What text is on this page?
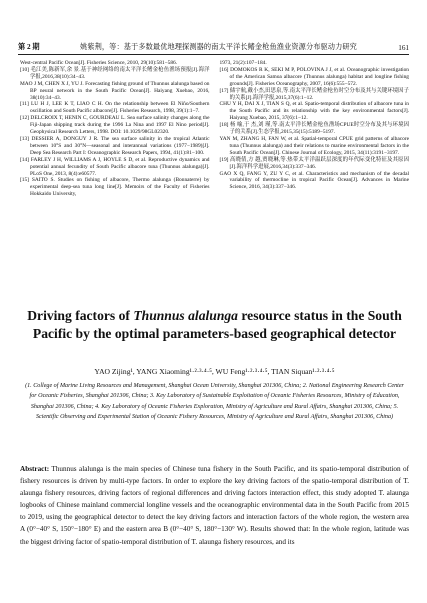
第 2 期	姚紫荆，等：基于多数最优地理探测器的南太平洋长鳍金枪鱼渔业资源分布驱动力研究	161

West-central Pacific Ocean[J]. Fisheries Science, 2010, 29(10):581−586.

[10] 毛江美,陈新军,余 景.基于神经网络的南太平洋长鳍金枪鱼渔场预报[J].海洋学报,2016,38(10):34−43.

MAO J M, CHEN X J, YU J. Forecasting fishing ground of Thunnus alalunga based on BP neural network in the South Pacific Ocean[J]. Haiyang Xuebao, 2016, 38(10):34−43.

[11] LU H J, LEE K T, LIAO C H. On the relationship between El Niño/Southern oscillation and South Pacific albacore[J]. Fisheries Research, 1998, 39(1):1−7.

[12] DELCROIX T, HENIN C, GOURDEAU L. Sea surface salinity changes along the Fiji-Japan shipping track during the 1996 La Nina and 1997 El Nino period[J]. Geophysical Research Letters, 1998. DOI: 10.1029/98GL02320.

[13] DESSIER A, DONGUY J R. The sea surface salinity in the tropical Atlantic between 10°S and 30°N—seasonal and interannual variations (1977−1989)[J]. Deep Sea Research Part I: Oceanographic Research Papers, 1994, 41(1):81−100.

[14] FARLEY J H, WILLIAMS A J, HOYLE S D, et al. Reproductive dynamics and potential annual fecundity of South Pacific albacore tuna (Thunnus alalunga)[J]. PLoS One, 2013, 8(4):e60577.

[15] SAITO S. Studies on fishing of albacore, Thermo alalunga (Bonnaterre) by experimental deep-sea tuna long line[J]. Memoirs of the Faculty of Fisheries Hokkaido University,

1973, 21(2):107−184.

[16] DOMOKOS R K, SEKI M P, POLOVINA J J, et al. Oceanographic investigation of the American Samoa albacore (Thunnus alalunga) habitat and longline fishing grounds[J]. Fisheries Oceanography, 2007, 16(6):555−572.

[17] 储宇航,戴小杰,田思泉,等.南太平洋长鳍金枪鱼时空分布及其与关键环境因子的关系[J].海洋学报,2015,37(6):1−12.

CHU Y H, DAI X J, TIAN S Q, et al. Spatio-temporal distribution of albacore tuna in the South Pacific and its relationship with the key environmental factors[J]. Haiyang Xuebao, 2015, 37(6):1−12.

[18] 杨 喻,于 杰,刘 瑾,等.南太平洋长鳍金枪鱼渔场CPUE时空分布及其与环境因子的关系[J].生态学报,2015,35(15):5189−5197.

YAN M, ZHANG H, FAN W, et al. Spatial-temporal CPUE grid patterns of albacore tuna (Thunnus alalunga) and their relations to marine environmental factors in the South Pacific Ocean[J]. Chinese Journal of Ecology, 2015, 34(11):3191−3197.

[19] 高晓倩,方 越,贾晓琳,等.热带太平洋温跃层深度的年代际变化特征及其原因[J].海洋科学进展,2016,34(3):337−346.

GAO X Q, FANG Y, ZU Y C, et al. Characteristics and mechanism of the decadal variability of thermocline in tropical Pacific Ocean[J]. Advances in Marine Science, 2016, 34(3):337−346.

Driving factors of Thunnus alalunga resource status in the South Pacific by the optimal parameters-based geographical detector
YAO Zijing¹, YANG Xiaoming¹·²·³·⁴·⁵, WU Feng¹·²·³·⁴·⁵, TIAN Siquan¹·²·³·⁴·⁵
(1. College of Marine Living Resources and Management, Shanghai Ocean University, Shanghai 201306, China; 2. National Engineering Research Center for Oceanic Fisheries, Shanghai 201306, China; 3. Key Laboratory of Sustainable Exploitation of Oceanic Fisheries Resources, Ministry of Education, Shanghai 201306, China; 4. Key Laboratory of Oceanic Fisheries Exploration, Ministry of Agriculture and Rural Affairs, Shanghai 201306, China; 5. Scientific Observing and Experimental Station of Oceanic Fishery Resources, Ministry of Agriculture and Rural Affairs, Shanghai 201306, China)
Abstract: Thunnus alalunga is the main species of Chinese tuna fishery in the South Pacific, and its spatio-temporal distribution of fishery resources is driven by multi-type factors. In order to explore the key driving factors of the spatio-temporal distribution of T. alaunga fishery resources, driving factors of regional differences and driving factors interaction effect, this study adopted T. alaunga logbooks of Chinese mainland commercial longline vessels and the oceanographic environmental data in the South Pacific from 2015 to 2019, using the geographical detector to detect the key driving factors and interaction factors of the whole region, the western area A (0°−40° S, 150°−180° E) and the eastern area B (0°−40° S, 180°−130° W). Results showed that: In the whole region, latitude was the biggest driving factor of spatio-temporal distribution of T. alaunga fishery resources, and its
